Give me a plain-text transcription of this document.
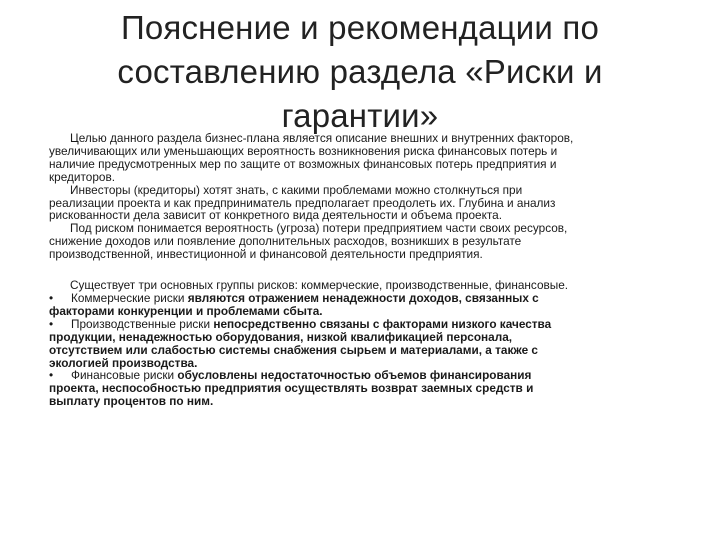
Пояснение и рекомендации по
составлению раздела «Риски и
гарантии»

Целью данного раздела бизнес-плана является описание внешних и внутренних факторов,
увеличивающих или уменьшающих вероятность возникновения риска финансовых потерь и
наличие предусмотренных мер по защите от возможных финансовых потерь предприятия и
кредиторов.

Инвесторы (кредиторы) хотят знать, с какими проблемами можно столкнуться при
реализации проекта и как предприниматель предполагает преодолеть их. Глубина и анализ
рискованности дела зависит от конкретного вида деятельности и объема проекта.

Под риском понимается вероятность (угроза) потери предприятием части своих ресурсов,
снижение доходов или появление дополнительных расходов, возникших в результате
производственной, инвестиционной и финансовой деятельности предприятия.

Существует три основных группы рисков: коммерческие, производственные, финансовые.

• Коммерческие риски являются отражением ненадежности доходов, связанных с
факторами конкуренции и проблемами сбыта.
• Производственные риски непосредственно связаны с факторами низкого качества
продукции, ненадежностью оборудования, низкой квалификацией персонала,
отсутствием или слабостью системы снабжения сырьем и материалами, а также с
экологией производства.
• Финансовые риски обусловлены недостаточностью объемов финансирования
проекта, неспособностью предприятия осуществлять возврат заемных средств и
выплату процентов по ним.
